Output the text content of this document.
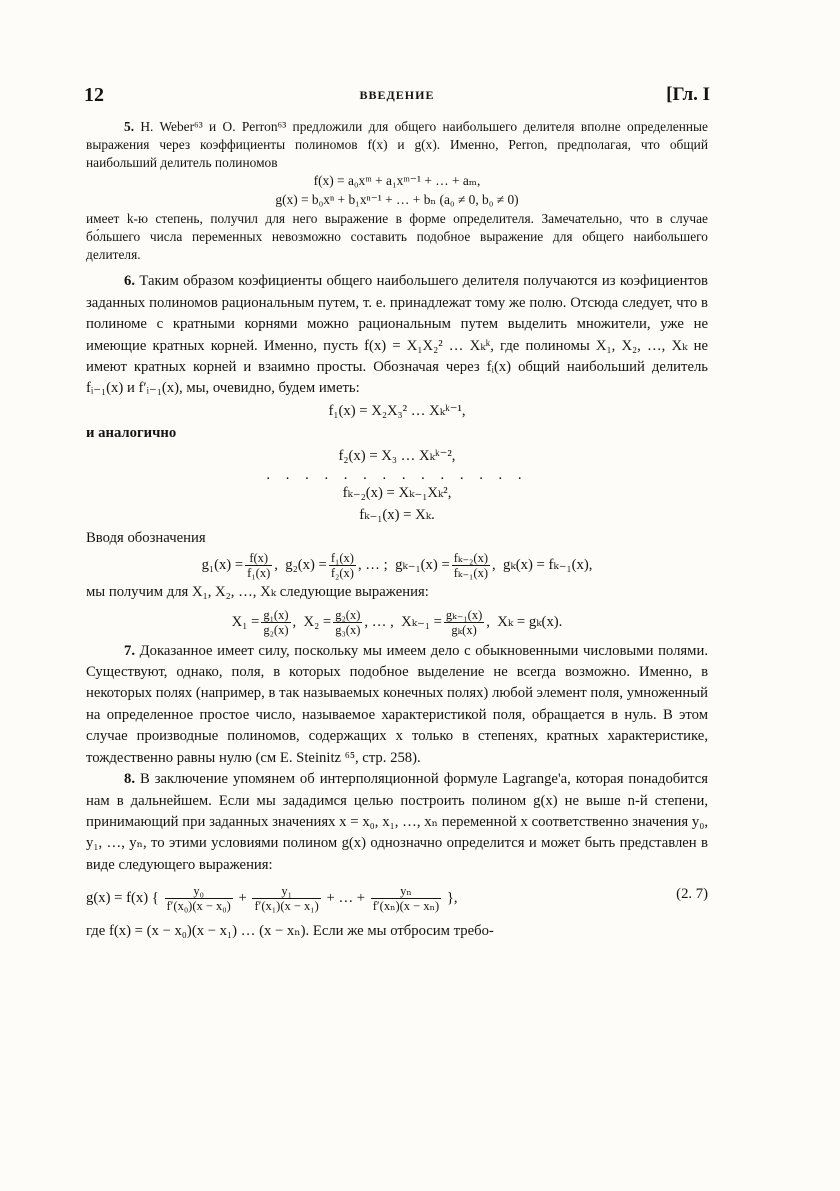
12	ВВЕДЕНИЕ	[Гл. I

5. H. Weber⁶³ и O. Perron⁶³ предложили для общего наибольшего делителя вполне определенные выражения через коэффициенты полиномов f(x) и g(x). Именно, Perron, предполагая, что общий наибольший делитель полиномов

f(x) = a₀xᵐ + a₁xᵐ⁻¹ + … + aₘ,

g(x) = b₀xⁿ + b₁xⁿ⁻¹ + … + bₙ (a₀ ≠ 0, b₀ ≠ 0)

имеет k-ю степень, получил для него выражение в форме определителя. Замечательно, что в случае бо́льшего числа переменных невозможно составить подобное выражение для общего наибольшего делителя.

6. Таким образом коэфициенты общего наибольшего делителя получаются из коэфициентов заданных полиномов рациональным путем, т. е. принадлежат тому же полю. Отсюда следует, что в полиноме с кратными корнями можно рациональным путем выделить множители, уже не имеющие кратных корней. Именно, пусть f(x) = X₁X₂² … Xₖᵏ, где полиномы X₁, X₂, …, Xₖ не имеют кратных корней и взаимно просты. Обозначая через fᵢ(x) общий наибольший делитель fᵢ₋₁(x) и f′ᵢ₋₁(x), мы, очевидно, будем иметь:

f₁(x) = X₂X₃² … Xₖᵏ⁻¹,

и аналогично

f₂(x) = X₃ … Xₖᵏ⁻²,

. . . . . . . . . . . . . .

fₖ₋₂(x) = Xₖ₋₁Xₖ²,

fₖ₋₁(x) = Xₖ.

Вводя обозначения

$g_1(x) = \frac{f(x)}{\text{f₁(x)}}$ ,  $g_2(x) = \frac{\text{f₁(x)}}{\text{f₂(x)}}$ , … ;  $g_{k-1}(x) = \frac{\text{fₖ₋₂(x)}}{\text{fₖ₋₁(x)}}$ ,  gₖ(x) = fₖ₋₁(x),

мы получим для X₁, X₂, …, Xₖ следующие выражения:

$X_1 = \frac{\text{g₁(x)}}{\text{g₂(x)}}$ ,  $X_2 = \frac{\text{g₂(x)}}{\text{g₃(x)}}$ , … ,  $X_{k-1} = \frac{\text{gₖ₋₁(x)}}{\text{gₖ(x)}}$ ,  Xₖ = gₖ(x).

7. Доказанное имеет силу, поскольку мы имеем дело с обыкновенными числовыми полями. Существуют, однако, поля, в которых подобное выделение не всегда возможно. Именно, в некоторых полях (например, в так называемых конечных полях) любой элемент поля, умноженный на определенное простое число, называемое характеристикой поля, обращается в нуль. В этом случае производные полиномов, содержащих x только в степенях, кратных характеристике, тождественно равны нулю (см E. Steinitz ⁶⁵, стр. 258).

8. В заключение упомянем об интерполяционной формуле Lagrange'a, которая понадобится нам в дальнейшем. Если мы зададимся целью построить полином g(x) не выше n-й степени, принимающий при заданных значениях x = x₀, x₁, …, xₙ переменной x соответственно значения y₀, y₁, …, yₙ, то этими условиями полином g(x) однозначно определится и может быть представлен в виде следующего выражения:

(2. 7)
g(x) = f(x) { $\frac{\text{y₀}}{\text{f′(x₀)(x − x₀)}} + \frac{\text{y₁}}{\text{f′(x₁)(x − x₁)}}$ + … + $\frac{\text{yₙ}}{\text{f′(xₙ)(x − xₙ)}}$ },

где f(x) = (x − x₀)(x − x₁) … (x − xₙ). Если же мы отбросим требо-
